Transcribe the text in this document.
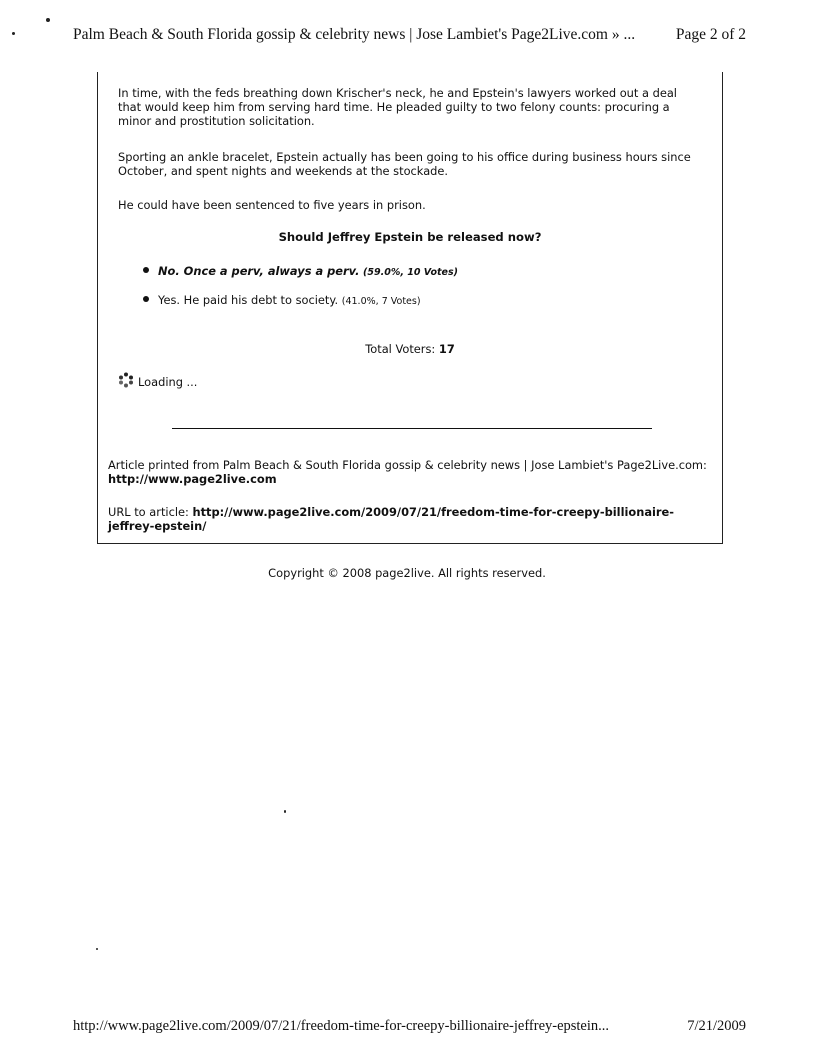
Palm Beach & South Florida gossip & celebrity news | Jose Lambiet's Page2Live.com » ...	Page 2 of 2
In time, with the feds breathing down Krischer's neck, he and Epstein's lawyers worked out a deal that would keep him from serving hard time. He pleaded guilty to two felony counts: procuring a minor and prostitution solicitation.
Sporting an ankle bracelet, Epstein actually has been going to his office during business hours since October, and spent nights and weekends at the stockade.
He could have been sentenced to five years in prison.
Should Jeffrey Epstein be released now?
No. Once a perv, always a perv. (59.0%, 10 Votes)
Yes. He paid his debt to society. (41.0%, 7 Votes)
Total Voters: 17
Loading ...
Article printed from Palm Beach & South Florida gossip & celebrity news | Jose Lambiet's Page2Live.com: http://www.page2live.com
URL to article: http://www.page2live.com/2009/07/21/freedom-time-for-creepy-billionaire-jeffrey-epstein/
Copyright © 2008 page2live. All rights reserved.
http://www.page2live.com/2009/07/21/freedom-time-for-creepy-billionaire-jeffrey-epstein...	7/21/2009
